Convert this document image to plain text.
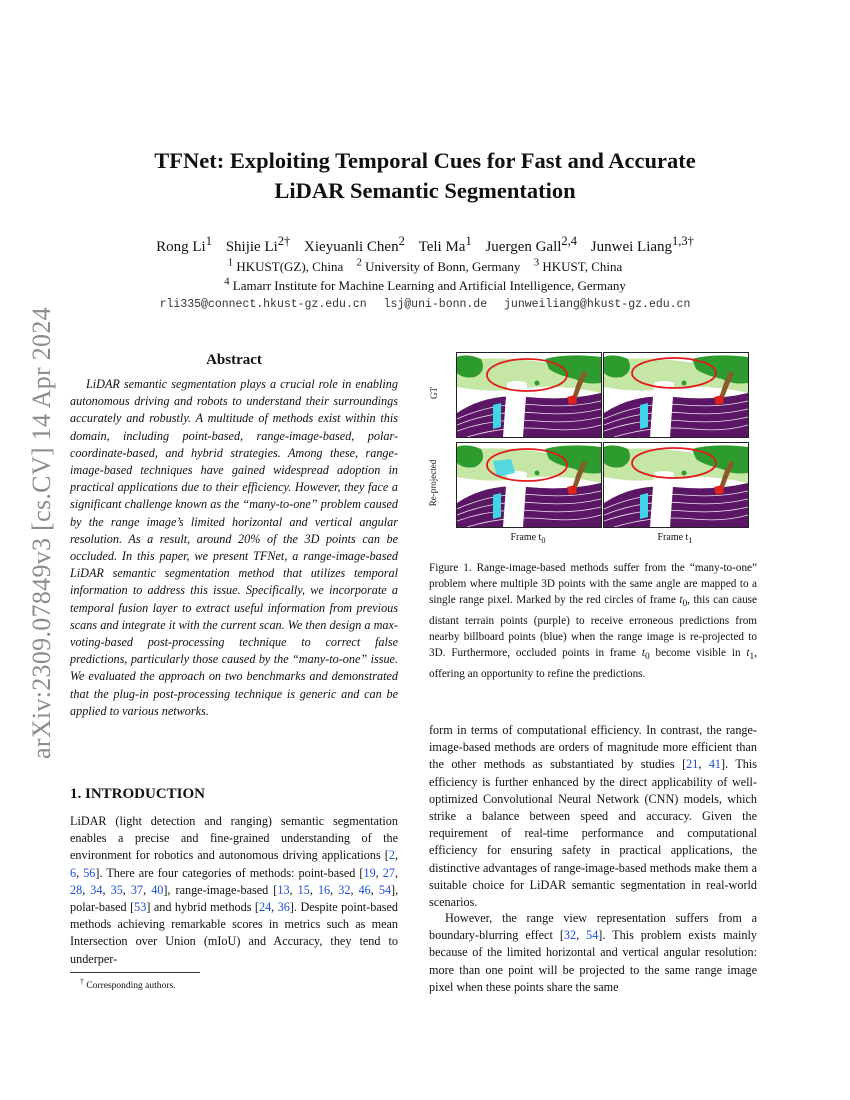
arXiv:2309.07849v3 [cs.CV] 14 Apr 2024
TFNet: Exploiting Temporal Cues for Fast and Accurate
LiDAR Semantic Segmentation
Rong Li$^1$ Shijie $Li^{2\dagger}$ Xieyuanli Chen$^2$ Teli Ma$^1$ Juergen Gall$^{2,4}$ Junwei Liang$^{1,3\dagger}$
$^1$ HKUST(GZ), China $^2$ University of Bonn, Germany $^3$ HKUST, China
$^4$ Lamarr Institute for Machine Learning and Artificial Intelligence, Germany
rli335@connect.hkust-gz.edu.cn lsj@uni-bonn.de junweiliang@hkust-gz.edu.cn
Abstract

LiDAR semantic segmentation plays a crucial role in enabling autonomous driving and robots to understand their surroundings accurately and robustly. A multitude of methods exist within this domain, including point-based, range-image-based, polar-coordinate-based, and hybrid strategies. Among these, range-image-based techniques have gained widespread adoption in practical applications due to their efficiency. However, they face a significant challenge known as the “many-to-one” problem caused by the range image’s limited horizontal and vertical angular resolution. As a result, around 20% of the 3D points can be occluded. In this paper, we present TFNet, a range-image-based LiDAR semantic segmentation method that utilizes temporal information to address this issue. Specifically, we incorporate a temporal fusion layer to extract useful information from previous scans and integrate it with the current scan. We then design a max-voting-based post-processing technique to correct false predictions, particularly those caused by the “many-to-one” issue. We evaluated the approach on two benchmarks and demonstrated that the plug-in post-processing technique is generic and can be applied to various networks.

1. INTRODUCTION

LiDAR (light detection and ranging) semantic segmentation enables a precise and fine-grained understanding of the environment for robotics and autonomous driving applications [2, 6, 56]. There are four categories of methods: point-based [19, 27, 28, 34, 35, 37, 40], range-image-based [13, 15, 16, 32, 46, 54], polar-based [53] and hybrid methods [24, 36]. Despite point-based methods achieving remarkable scores in metrics such as mean Intersection over Union (mIoU) and Accuracy, they tend to underper-

† Corresponding authors.
GT
Re-projected
Frame $t_0$	Frame $t_1$

Figure 1. Range-image-based methods suffer from the “many-to-one” problem where multiple 3D points with the same angle are mapped to a single range pixel. Marked by the red circles of frame $t_0$, this can cause distant terrain points (purple) to receive erroneous predictions from nearby billboard points (blue) when the range image is re-projected to 3D. Furthermore, occluded points in frame $t_0$ become visible in $t_1$, offering an opportunity to refine the predictions.

form in terms of computational efficiency. In contrast, the range-image-based methods are orders of magnitude more efficient than the other methods as substantiated by studies [21, 41]. This efficiency is further enhanced by the direct applicability of well-optimized Convolutional Neural Network (CNN) models, which strike a balance between speed and accuracy. Given the requirement of real-time performance and computational efficiency for ensuring safety in practical applications, the distinctive advantages of range-image-based methods make them a suitable choice for LiDAR semantic segmentation in real-world scenarios.

However, the range view representation suffers from a boundary-blurring effect [32, 54]. This problem exists mainly because of the limited horizontal and vertical angular resolution: more than one point will be projected to the same range image pixel when these points share the same
